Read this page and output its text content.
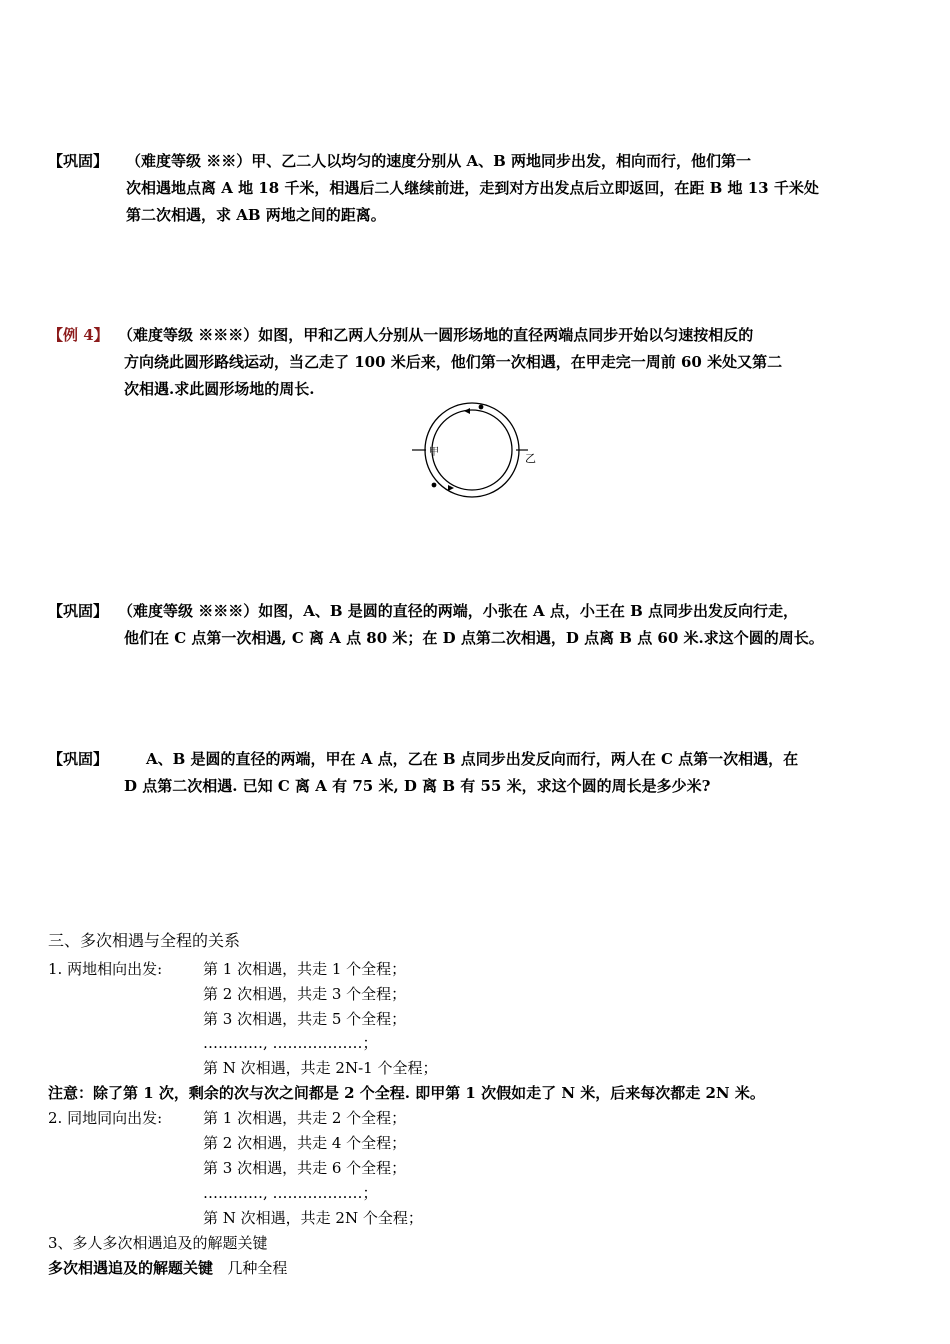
【巩固】 （难度等级 ※※）甲、乙二人以均匀的速度分别从 A、B 两地同步出发，相向而行，他们第一
次相遇地点离 A 地 18 千米，相遇后二人继续前进，走到对方出发点后立即返回，在距 B 地 13 千米处
第二次相遇，求 AB 两地之间的距离。
【例 4】 （难度等级 ※※※）如图，甲和乙两人分别从一圆形场地的直径两端点同步开始以匀速按相反的
方向绕此圆形路线运动，当乙走了 100 米后来，他们第一次相遇，在甲走完一周前 60 米处又第二
次相遇.求此圆形场地的周长.
甲	乙
【巩固】 （难度等级 ※※※）如图，A、B 是圆的直径的两端，小张在 A 点，小王在 B 点同步出发反向行走，
他们在 C 点第一次相遇, C 离 A 点 80 米；在 D 点第二次相遇，D 点离 B 点 60 米.求这个圆的周长。
【巩固】	A、B 是圆的直径的两端，甲在 A 点，乙在 B 点同步出发反向而行，两人在 C 点第一次相遇，在
D 点第二次相遇. 已知 C 离 A 有 75 米, D 离 B 有 55 米，求这个圆的周长是多少米?
三、多次相遇与全程的关系
1. 两地相向出发:	第 1 次相遇，共走 1 个全程；
第 2 次相遇，共走 3 个全程；
第 3 次相遇，共走 5 个全程；
…………, ………………；
第 N 次相遇，共走 2N-1 个全程；
注意：除了第 1 次，剩余的次与次之间都是 2 个全程. 即甲第 1 次假如走了 N 米，后来每次都走 2N 米。
2. 同地同向出发:	第 1 次相遇，共走 2 个全程；
第 2 次相遇，共走 4 个全程；
第 3 次相遇，共走 6 个全程；
…………, ………………；
第 N 次相遇，共走 2N 个全程；
3、多人多次相遇追及的解题关键
多次相遇追及的解题关键 几种全程
